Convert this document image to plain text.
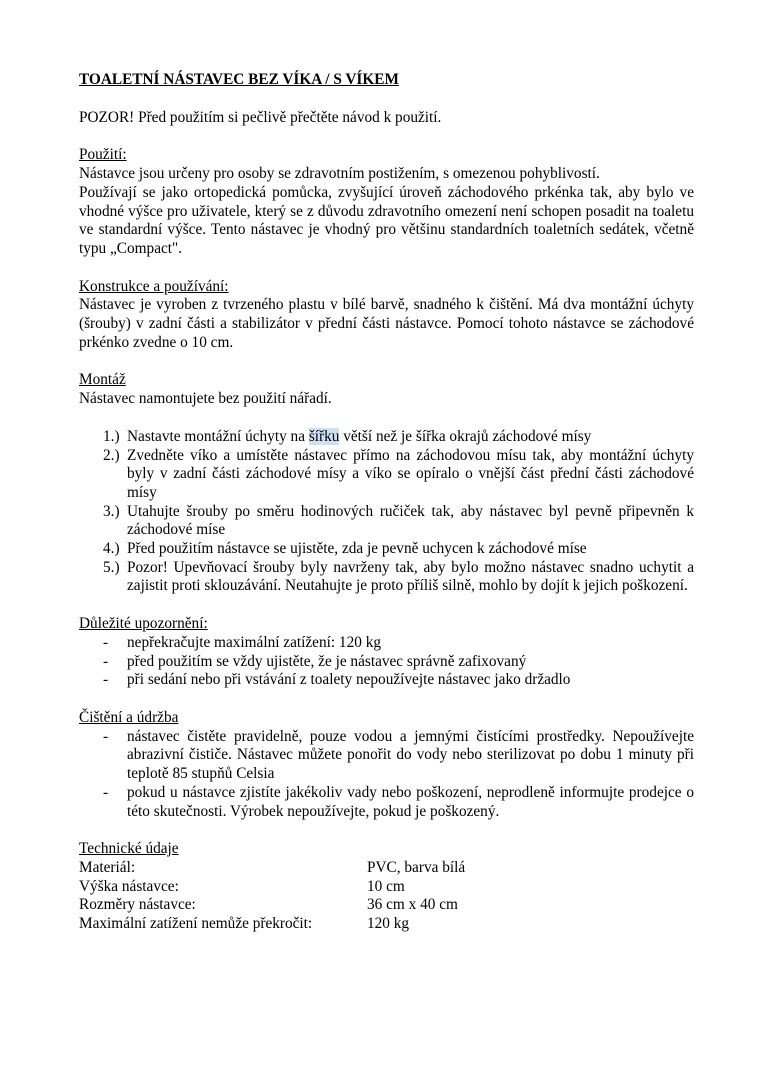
TOALETNÍ NÁSTAVEC BEZ VÍKA / S VÍKEM

POZOR! Před použitím si pečlivě přečtěte návod k použití.

Použití:

Nástavce jsou určeny pro osoby se zdravotním postižením, s omezenou pohyblivostí.

Používají se jako ortopedická pomůcka, zvyšující úroveň záchodového prkénka tak, aby bylo ve vhodné výšce pro uživatele, který se z důvodu zdravotního omezení není schopen posadit na toaletu ve standardní výšce. Tento nástavec je vhodný pro většinu standardních toaletních sedátek, včetně typu „Compact".

Konstrukce a používání:

Nástavec je vyroben z tvrzeného plastu v bílé barvě, snadného k čištění. Má dva montážní úchyty (šrouby) v zadní části a stabilizátor v přední části nástavce. Pomocí tohoto nástavce se záchodové prkénko zvedne o 10 cm.

Montáž

Nástavec namontujete bez použití nářadí.

1.) Nastavte montážní úchyty na šířku větší než je šířka okrajů záchodové mísy
2.) Zvedněte víko a umístěte nástavec přímo na záchodovou mísu tak, aby montážní úchyty byly v zadní části záchodové mísy a víko se opíralo o vnější část přední části záchodové mísy
3.) Utahujte šrouby po směru hodinových ručiček tak, aby nástavec byl pevně připevněn k záchodové míse
4.) Před použitím nástavce se ujistěte, zda je pevně uchycen k záchodové míse
5.) Pozor! Upevňovací šrouby byly navrženy tak, aby bylo možno nástavec snadno uchytit a zajistit proti sklouzávání. Neutahujte je proto příliš silně, mohlo by dojít k jejich poškození.

Důležité upozornění:

- nepřekračujte maximální zatížení: 120 kg
- před použitím se vždy ujistěte, že je nástavec správně zafixovaný
- při sedání nebo při vstávání z toalety nepoužívejte nástavec jako držadlo

Čištění a údržba

- nástavec čistěte pravidelně, pouze vodou a jemnými čistícími prostředky. Nepoužívejte abrazivní čističe. Nástavec můžete ponořit do vody nebo sterilizovat po dobu 1 minuty při teplotě 85 stupňů Celsia
- pokud u nástavce zjistíte jakékoliv vady nebo poškození, neprodleně informujte prodejce o této skutečnosti. Výrobek nepoužívejte, pokud je poškozený.

Technické údaje

Materiál:	PVC, barva bílá
Výška nástavce:	10 cm
Rozměry nástavce:	36 cm x 40 cm
Maximální zatížení nemůže překročit:	120 kg
